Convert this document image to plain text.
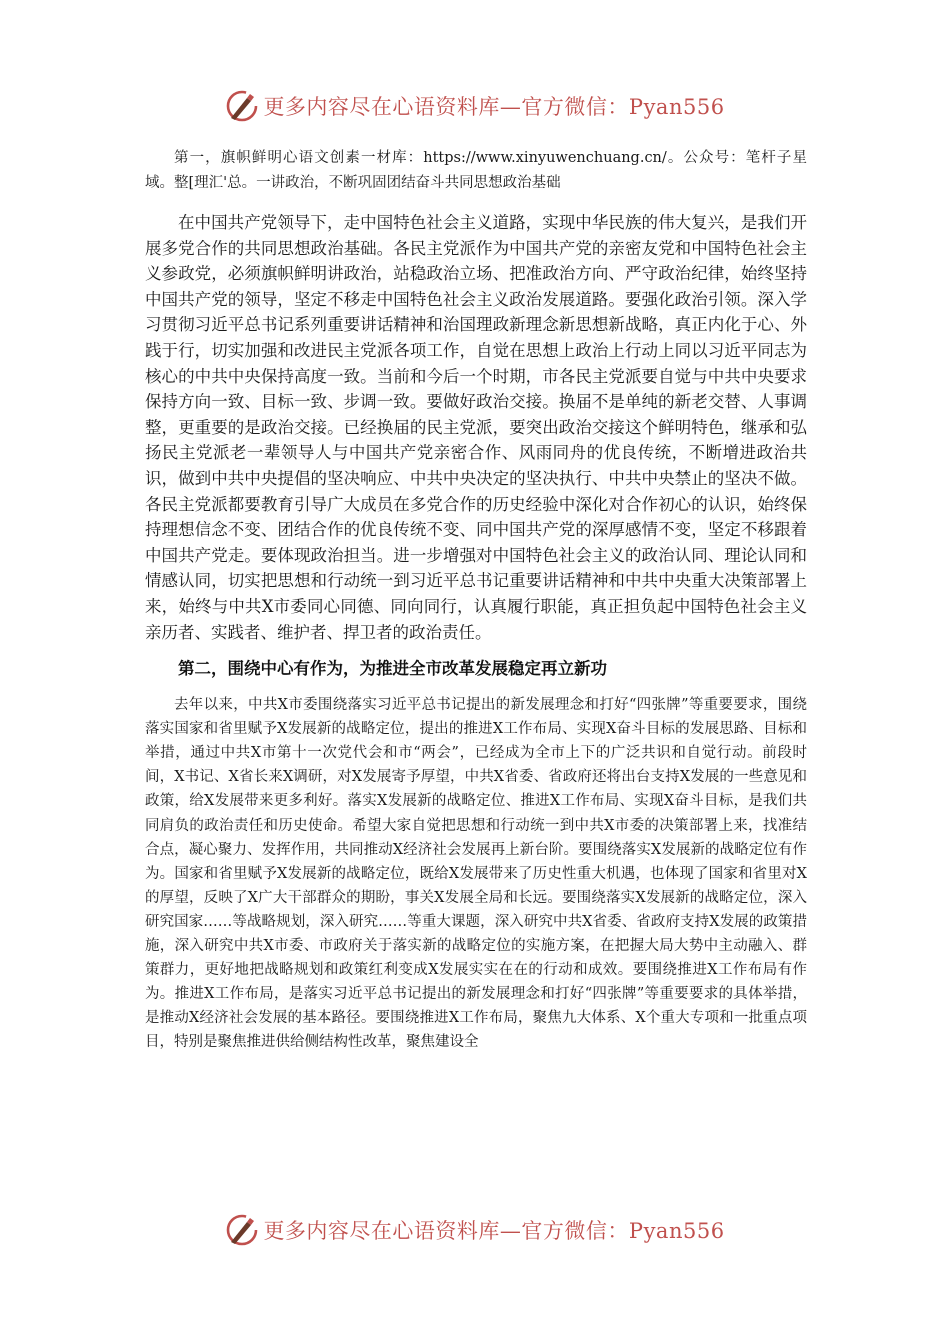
更多内容尽在心语资料库—官方微信：Pyan556

第一，旗帜鲜明心语文创素一材库：https://www.xinyuwenchuang.cn/。公众号：笔杆子星域。整[理汇'总。一讲政治，不断巩固团结奋斗共同思想政治基础

在中国共产党领导下，走中国特色社会主义道路，实现中华民族的伟大复兴，是我们开展多党合作的共同思想政治基础。各民主党派作为中国共产党的亲密友党和中国特色社会主义参政党，必须旗帜鲜明讲政治，站稳政治立场、把准政治方向、严守政治纪律，始终坚持中国共产党的领导，坚定不移走中国特色社会主义政治发展道路。要强化政治引领。深入学习贯彻习近平总书记系列重要讲话精神和治国理政新理念新思想新战略，真正内化于心、外践于行，切实加强和改进民主党派各项工作，自觉在思想上政治上行动上同以习近平同志为核心的中共中央保持高度一致。当前和今后一个时期，市各民主党派要自觉与中共中央要求保持方向一致、目标一致、步调一致。要做好政治交接。换届不是单纯的新老交替、人事调整，更重要的是政治交接。已经换届的民主党派，要突出政治交接这个鲜明特色，继承和弘扬民主党派老一辈领导人与中国共产党亲密合作、风雨同舟的优良传统，不断增进政治共识，做到中共中央提倡的坚决响应、中共中央决定的坚决执行、中共中央禁止的坚决不做。各民主党派都要教育引导广大成员在多党合作的历史经验中深化对合作初心的认识，始终保持理想信念不变、团结合作的优良传统不变、同中国共产党的深厚感情不变，坚定不移跟着中国共产党走。要体现政治担当。进一步增强对中国特色社会主义的政治认同、理论认同和情感认同，切实把思想和行动统一到习近平总书记重要讲话精神和中共中央重大决策部署上来，始终与中共X市委同心同德、同向同行，认真履行职能，真正担负起中国特色社会主义亲历者、实践者、维护者、捍卫者的政治责任。

第二，围绕中心有作为，为推进全市改革发展稳定再立新功

去年以来，中共X市委围绕落实习近平总书记提出的新发展理念和打好“四张牌”等重要要求，围绕落实国家和省里赋予X发展新的战略定位，提出的推进X工作布局、实现X奋斗目标的发展思路、目标和举措，通过中共X市第十一次党代会和市“两会”，已经成为全市上下的广泛共识和自觉行动。前段时间，X书记、X省长来X调研，对X发展寄予厚望，中共X省委、省政府还将出台支持X发展的一些意见和政策，给X发展带来更多利好。落实X发展新的战略定位、推进X工作布局、实现X奋斗目标，是我们共同肩负的政治责任和历史使命。希望大家自觉把思想和行动统一到中共X市委的决策部署上来，找准结合点，凝心聚力、发挥作用，共同推动X经济社会发展再上新台阶。要围绕落实X发展新的战略定位有作为。国家和省里赋予X发展新的战略定位，既给X发展带来了历史性重大机遇，也体现了国家和省里对X的厚望，反映了X广大干部群众的期盼，事关X发展全局和长远。要围绕落实X发展新的战略定位，深入研究国家……等战略规划，深入研究……等重大课题，深入研究中共X省委、省政府支持X发展的政策措施，深入研究中共X市委、市政府关于落实新的战略定位的实施方案，在把握大局大势中主动融入、群策群力，更好地把战略规划和政策红利变成X发展实实在在的行动和成效。要围绕推进X工作布局有作为。推进X工作布局，是落实习近平总书记提出的新发展理念和打好“四张牌”等重要要求的具体举措，是推动X经济社会发展的基本路径。要围绕推进X工作布局，聚焦九大体系、X个重大专项和一批重点项目，特别是聚焦推进供给侧结构性改革，聚焦建设全

更多内容尽在心语资料库—官方微信：Pyan556
